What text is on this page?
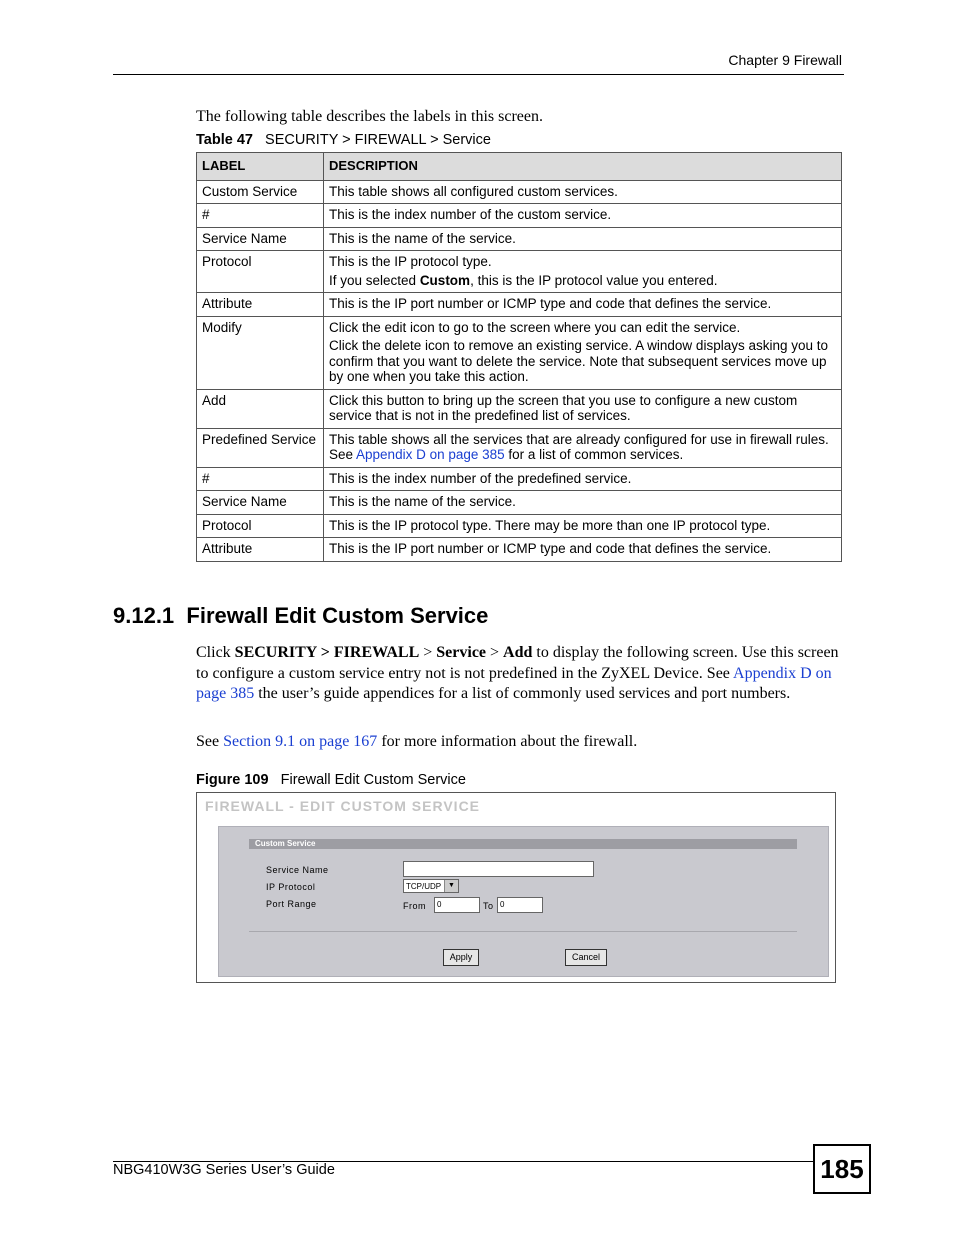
Chapter 9 Firewall
The following table describes the labels in this screen.
Table 47 SECURITY > FIREWALL > Service
LABEL	DESCRIPTION
Custom Service	This table shows all configured custom services.
#	This is the index number of the custom service.
Service Name	This is the name of the service.
Protocol	This is the IP protocol type.

If you selected Custom, this is the IP protocol value you entered.

Attribute	This is the IP port number or ICMP type and code that defines the service.
Modify	Click the edit icon to go to the screen where you can edit the service.

Click the delete icon to remove an existing service. A window displays asking you to confirm that you want to delete the service. Note that subsequent services move up by one when you take this action.

Add	Click this button to bring up the screen that you use to configure a new custom service that is not in the predefined list of services.
Predefined Service	This table shows all the services that are already configured for use in firewall rules. See Appendix D on page 385 for a list of common services.
#	This is the index number of the predefined service.
Service Name	This is the name of the service.
Protocol	This is the IP protocol type. There may be more than one IP protocol type.
Attribute	This is the IP port number or ICMP type and code that defines the service.
9.12.1 Firewall Edit Custom Service
Click SECURITY > FIREWALL > Service > Add to display the following screen. Use this screen to configure a custom service entry not is not predefined in the ZyXEL Device. See Appendix D on page 385 the user’s guide appendices for a list of commonly used services and port numbers.
See Section 9.1 on page 167 for more information about the firewall.
Figure 109 Firewall Edit Custom Service
FIREWALL - EDIT CUSTOM SERVICE
Custom Service
Service Name
IP Protocol	TCP/UDP ▼
Port Range	From	0	To 0
Apply	Cancel
NBG410W3G Series User’s Guide	185
